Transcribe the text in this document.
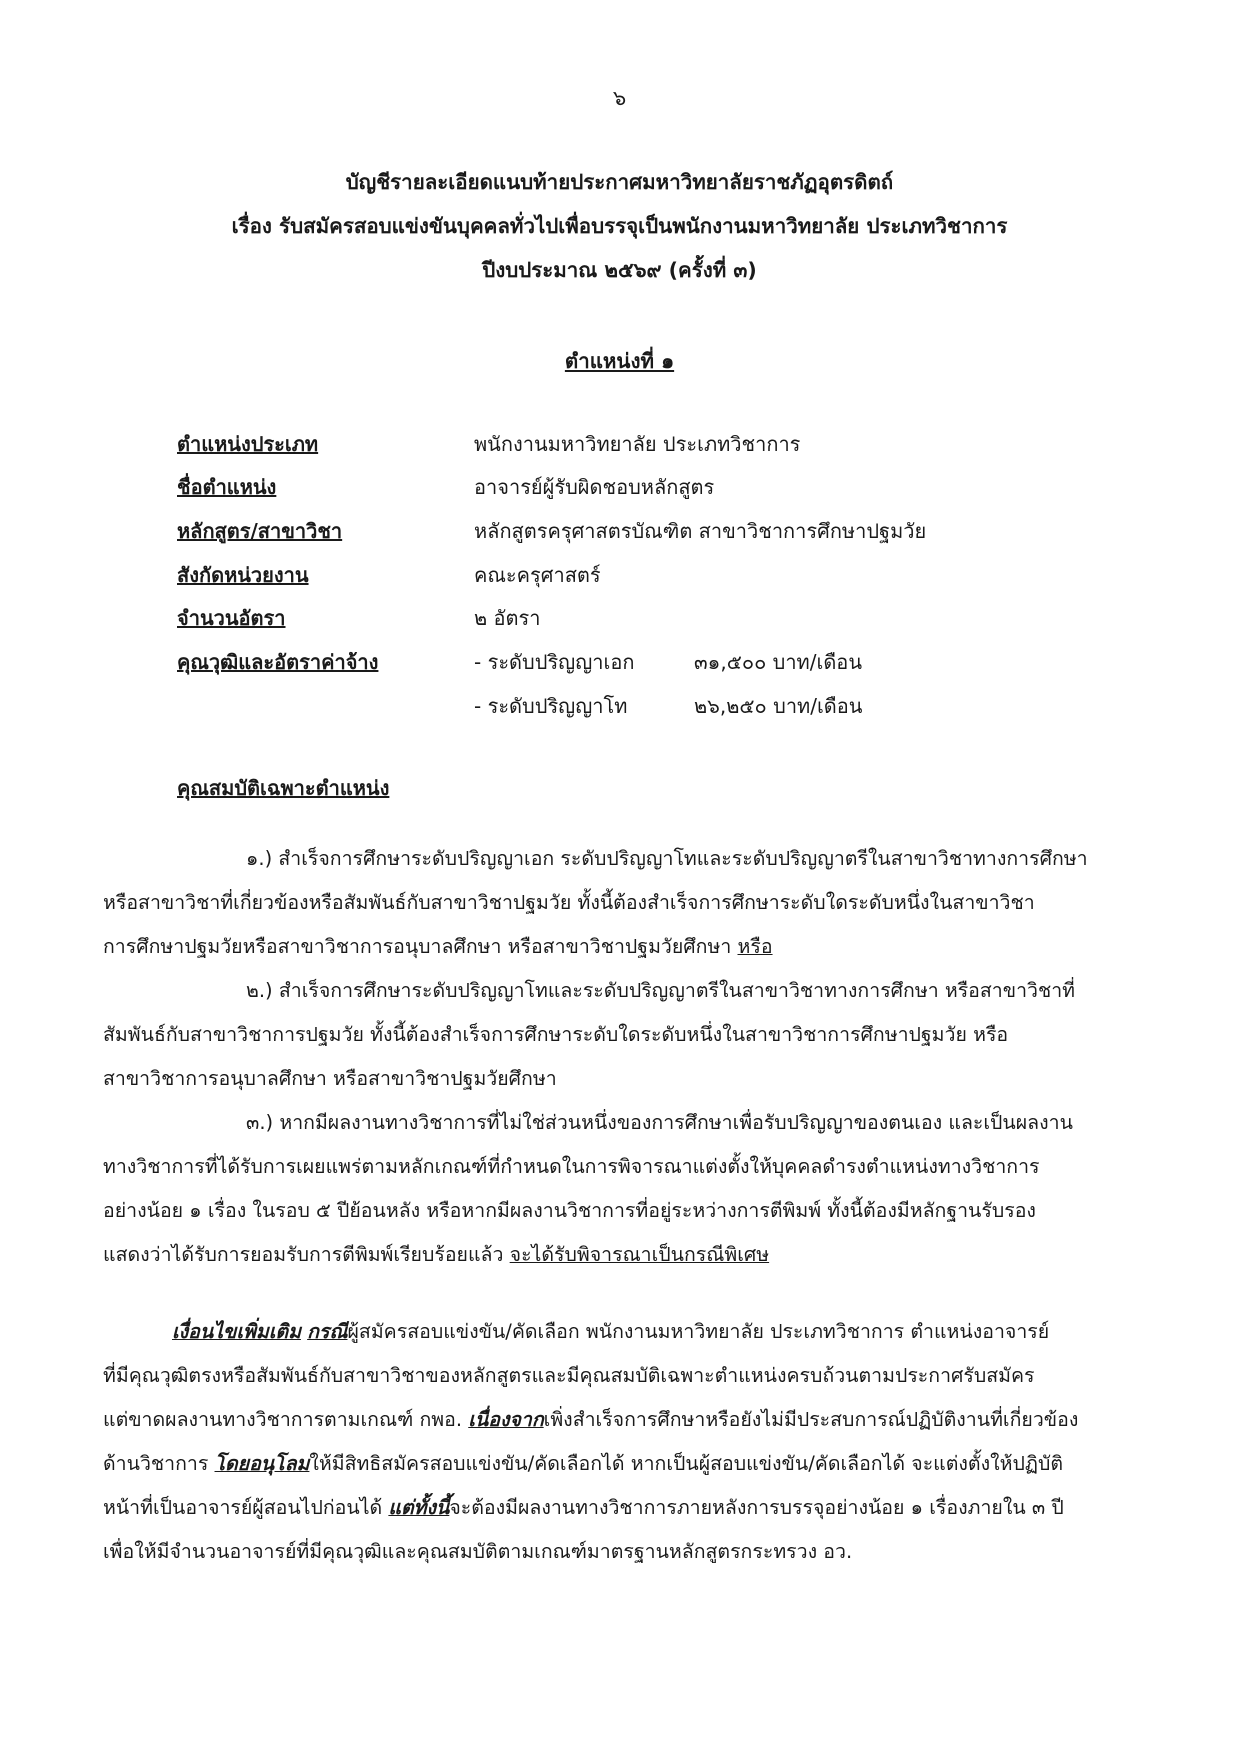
๖
บัญชีรายละเอียดแนบท้ายประกาศมหาวิทยาลัยราชภัฏอุตรดิตถ์
เรื่อง รับสมัครสอบแข่งขันบุคคลทั่วไปเพื่อบรรจุเป็นพนักงานมหาวิทยาลัย ประเภทวิชาการ
ปีงบประมาณ ๒๕๖๙ (ครั้งที่ ๓)
ตำแหน่งที่ ๑
ตำแหน่งประเภท	พนักงานมหาวิทยาลัย ประเภทวิชาการ
ชื่อตำแหน่ง	อาจารย์ผู้รับผิดชอบหลักสูตร
หลักสูตร/สาขาวิชา	หลักสูตรครุศาสตรบัณฑิต สาขาวิชาการศึกษาปฐมวัย
สังกัดหน่วยงาน	คณะครุศาสตร์
จำนวนอัตรา	๒ อัตรา
คุณวุฒิและอัตราค่าจ้าง	- ระดับปริญญาเอก	๓๑,๕๐๐ บาท/เดือน
- ระดับปริญญาโท	๒๖,๒๕๐ บาท/เดือน
คุณสมบัติเฉพาะตำแหน่ง
๑.) สำเร็จการศึกษาระดับปริญญาเอก ระดับปริญญาโทและระดับปริญญาตรีในสาขาวิชาทางการศึกษา
หรือสาขาวิชาที่เกี่ยวข้องหรือสัมพันธ์กับสาขาวิชาปฐมวัย ทั้งนี้ต้องสำเร็จการศึกษาระดับใดระดับหนึ่งในสาขาวิชา
การศึกษาปฐมวัยหรือสาขาวิชาการอนุบาลศึกษา หรือสาขาวิชาปฐมวัยศึกษา หรือ
๒.) สำเร็จการศึกษาระดับปริญญาโทและระดับปริญญาตรีในสาขาวิชาทางการศึกษา หรือสาขาวิชาที่
สัมพันธ์กับสาขาวิชาการปฐมวัย ทั้งนี้ต้องสำเร็จการศึกษาระดับใดระดับหนึ่งในสาขาวิชาการศึกษาปฐมวัย หรือ
สาขาวิชาการอนุบาลศึกษา หรือสาขาวิชาปฐมวัยศึกษา
๓.) หากมีผลงานทางวิชาการที่ไม่ใช่ส่วนหนึ่งของการศึกษาเพื่อรับปริญญาของตนเอง และเป็นผลงาน
ทางวิชาการที่ได้รับการเผยแพร่ตามหลักเกณฑ์ที่กำหนดในการพิจารณาแต่งตั้งให้บุคคลดำรงตำแหน่งทางวิชาการ
อย่างน้อย ๑ เรื่อง ในรอบ ๕ ปีย้อนหลัง หรือหากมีผลงานวิชาการที่อยู่ระหว่างการตีพิมพ์ ทั้งนี้ต้องมีหลักฐานรับรอง
แสดงว่าได้รับการยอมรับการตีพิมพ์เรียบร้อยแล้ว จะได้รับพิจารณาเป็นกรณีพิเศษ
เงื่อนไขเพิ่มเติม กรณีผู้สมัครสอบแข่งขัน/คัดเลือก พนักงานมหาวิทยาลัย ประเภทวิชาการ ตำแหน่งอาจารย์
ที่มีคุณวุฒิตรงหรือสัมพันธ์กับสาขาวิชาของหลักสูตรและมีคุณสมบัติเฉพาะตำแหน่งครบถ้วนตามประกาศรับสมัคร
แต่ขาดผลงานทางวิชาการตามเกณฑ์ กพอ. เนื่องจากเพิ่งสำเร็จการศึกษาหรือยังไม่มีประสบการณ์ปฏิบัติงานที่เกี่ยวข้อง
ด้านวิชาการ โดยอนุโลมให้มีสิทธิสมัครสอบแข่งขัน/คัดเลือกได้ หากเป็นผู้สอบแข่งขัน/คัดเลือกได้ จะแต่งตั้งให้ปฏิบัติ
หน้าที่เป็นอาจารย์ผู้สอนไปก่อนได้ แต่ทั้งนี้จะต้องมีผลงานทางวิชาการภายหลังการบรรจุอย่างน้อย ๑ เรื่องภายใน ๓ ปี
เพื่อให้มีจำนวนอาจารย์ที่มีคุณวุฒิและคุณสมบัติตามเกณฑ์มาตรฐานหลักสูตรกระทรวง อว.
